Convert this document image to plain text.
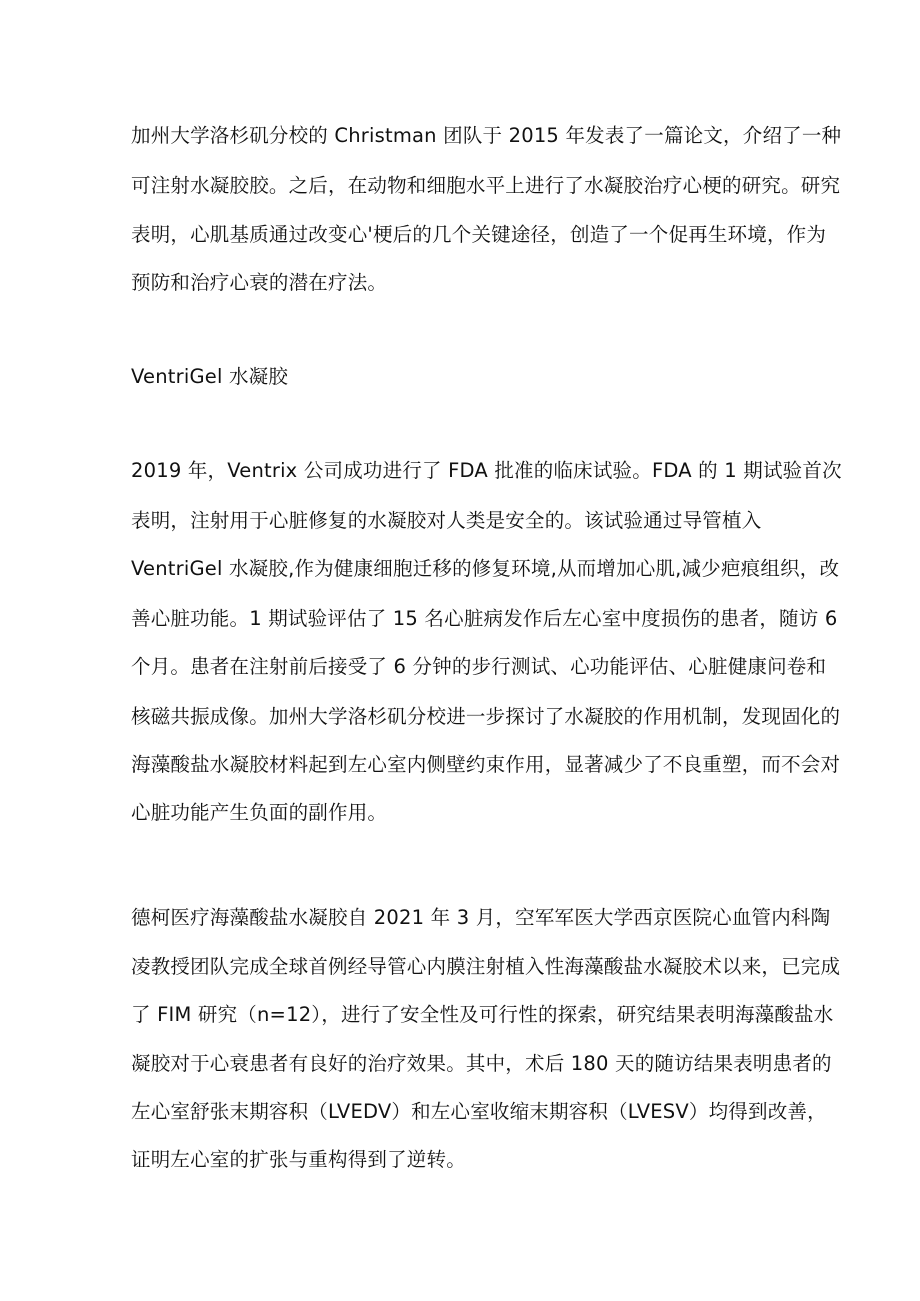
加州大学洛杉矶分校的 Christman 团队于 2015 年发表了一篇论文，介绍了一种
可注射水凝胶胶。之后，在动物和细胞水平上进行了水凝胶治疗心梗的研究。研究
表明，心肌基质通过改变心'梗后的几个关键途径，创造了一个促再生环境，作为
预防和治疗心衰的潜在疗法。
VentriGel 水凝胶
2019 年，Ventrix 公司成功进行了 FDA 批准的临床试验。FDA 的 1 期试验首次
表明，注射用于心脏修复的水凝胶对人类是安全的。该试验通过导管植入
VentriGel 水凝胶,作为健康细胞迁移的修复环境,从而增加心肌,减少疤痕组织，改
善心脏功能。1 期试验评估了 15 名心脏病发作后左心室中度损伤的患者，随访 6
个月。患者在注射前后接受了 6 分钟的步行测试、心功能评估、心脏健康问卷和
核磁共振成像。加州大学洛杉矶分校进一步探讨了水凝胶的作用机制，发现固化的
海藻酸盐水凝胶材料起到左心室内侧壁约束作用，显著减少了不良重塑，而不会对
心脏功能产生负面的副作用。
德柯医疗海藻酸盐水凝胶自 2021 年 3 月，空军军医大学西京医院心血管内科陶
凌教授团队完成全球首例经导管心内膜注射植入性海藻酸盐水凝胶术以来，已完成
了 FIM 研究（n=12），进行了安全性及可行性的探索，研究结果表明海藻酸盐水
凝胶对于心衰患者有良好的治疗效果。其中，术后 180 天的随访结果表明患者的
左心室舒张末期容积（LVEDV）和左心室收缩末期容积（LVESV）均得到改善，
证明左心室的扩张与重构得到了逆转。
